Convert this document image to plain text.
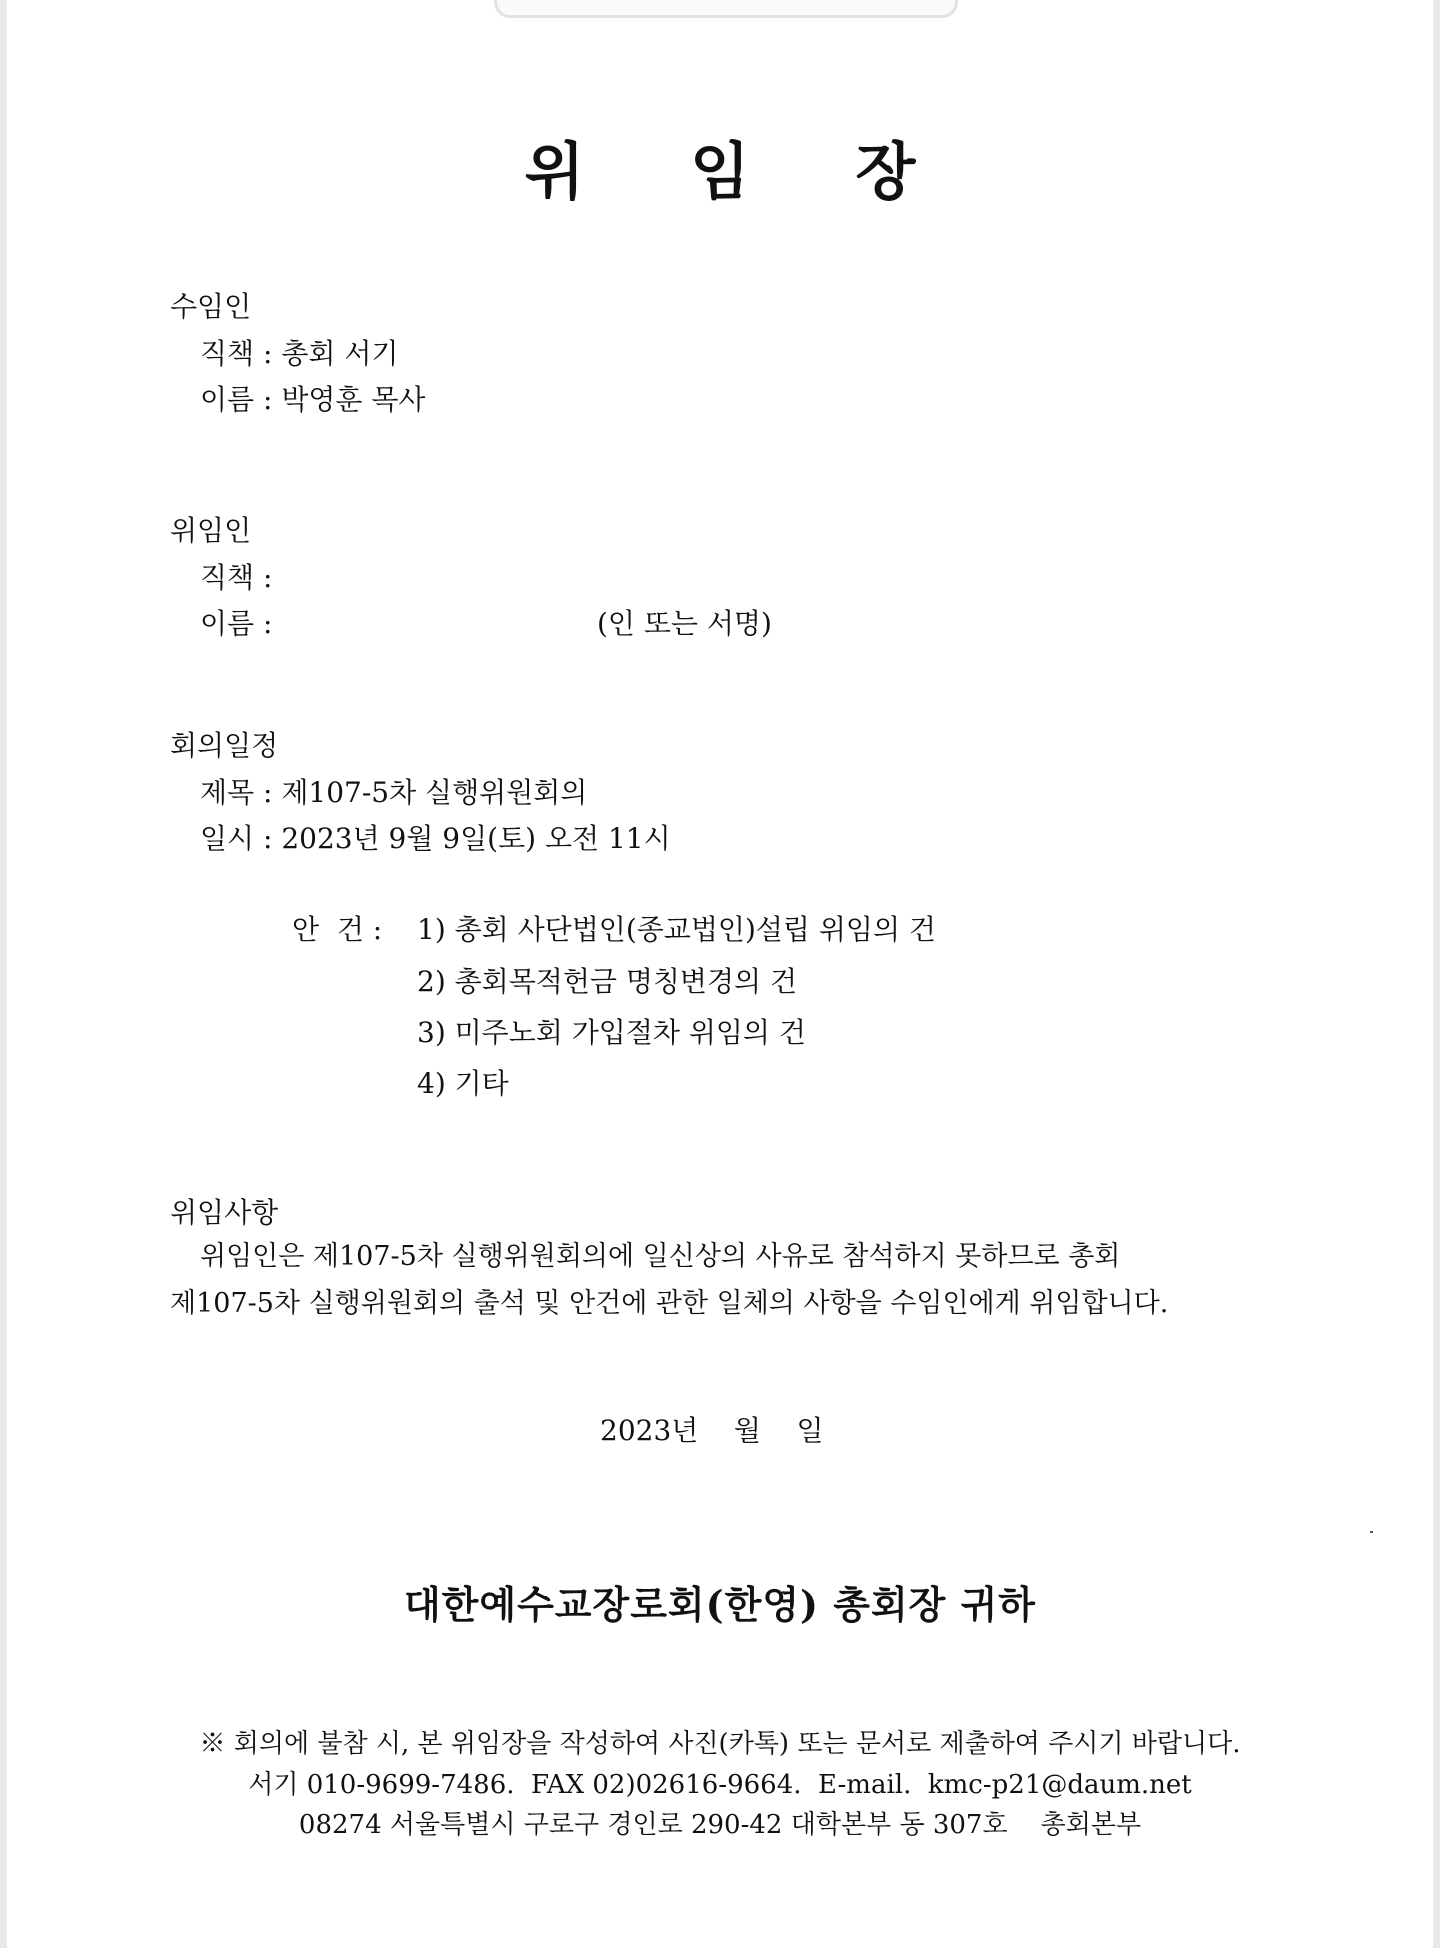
위 임 장
수임인
직책 : 총회 서기
이름 : 박영훈 목사
위임인
직책 :
이름 :	(인 또는 서명)
회의일정
제목 : 제107-5차 실행위원회의
일시 : 2023년 9월 9일(토) 오전 11시
안  건 : 1) 총회 사단법인(종교법인)설립 위임의 건
2) 총회목적헌금 명칭변경의 건
3) 미주노회 가입절차 위임의 건
4) 기타
위임사항
위임인은 제107-5차 실행위원회의에 일신상의 사유로 참석하지 못하므로 총회
제107-5차 실행위원회의 출석 및 안건에 관한 일체의 사항을 수임인에게 위임합니다.
2023년    월    일
대한예수교장로회(한영) 총회장 귀하
※ 회의에 불참 시, 본 위임장을 작성하여 사진(카톡) 또는 문서로 제출하여 주시기 바랍니다.
서기 010-9699-7486.  FAX 02)02616-9664.  E-mail.  kmc-p21@daum.net
08274 서울특별시 구로구 경인로 290-42 대학본부 동 307호    총회본부
